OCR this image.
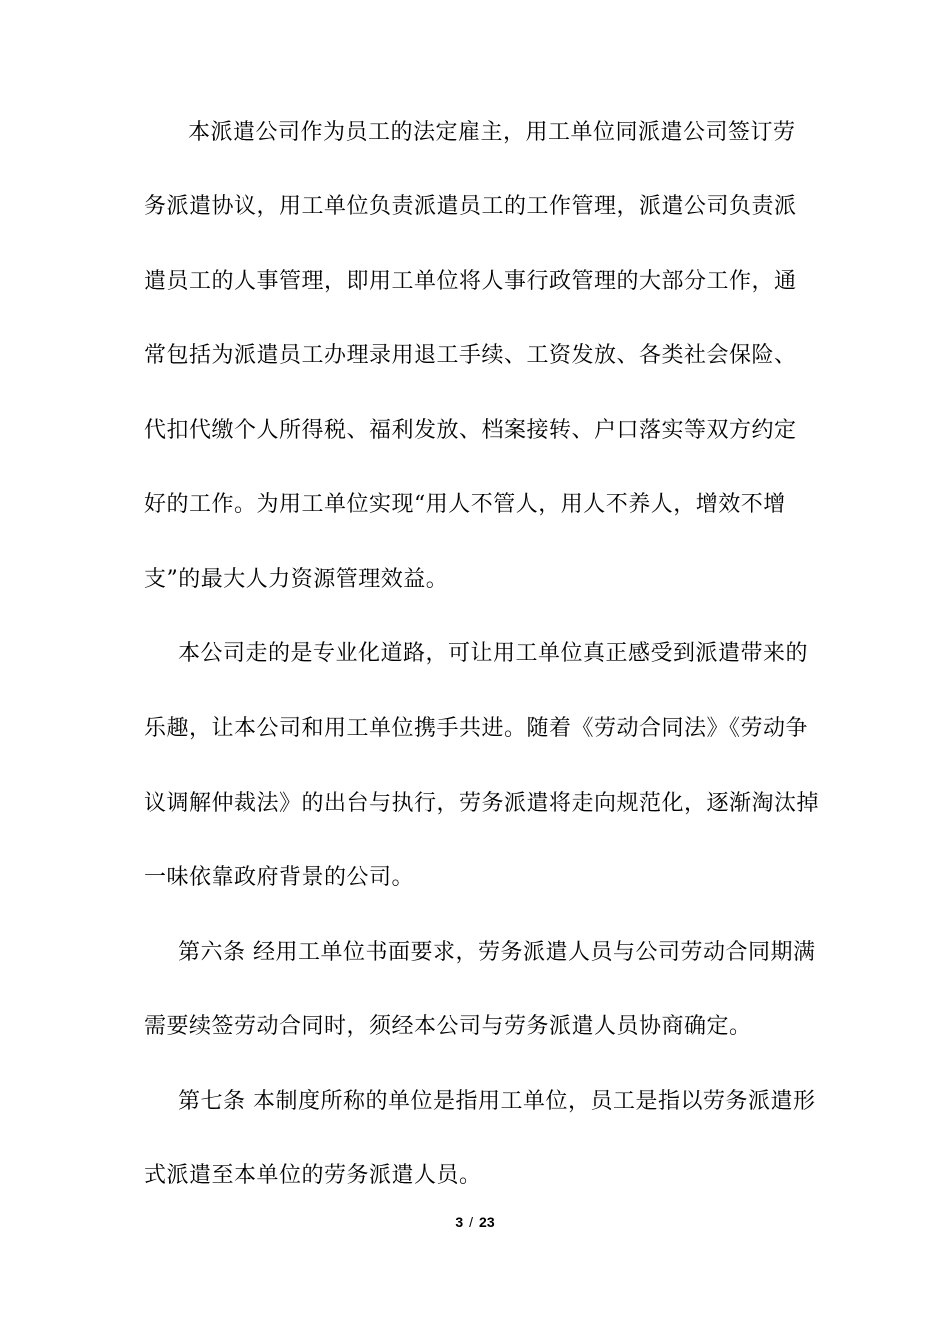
本派遣公司作为员工的法定雇主，用工单位同派遣公司签订劳
务派遣协议，用工单位负责派遣员工的工作管理，派遣公司负责派
遣员工的人事管理，即用工单位将人事行政管理的大部分工作，通
常包括为派遣员工办理录用退工手续、工资发放、各类社会保险、
代扣代缴个人所得税、福利发放、档案接转、户口落实等双方约定
好的工作。为用工单位实现“用人不管人，用人不养人，增效不增
支”的最大人力资源管理效益。
本公司走的是专业化道路，可让用工单位真正感受到派遣带来的
乐趣，让本公司和用工单位携手共进。随着《劳动合同法》《劳动争
议调解仲裁法》的出台与执行，劳务派遣将走向规范化，逐渐淘汰掉
一味依靠政府背景的公司。
第六条 经用工单位书面要求，劳务派遣人员与公司劳动合同期满
需要续签劳动合同时，须经本公司与劳务派遣人员协商确定。
第七条 本制度所称的单位是指用工单位，员工是指以劳务派遣形
式派遣至本单位的劳务派遣人员。
3 / 23
